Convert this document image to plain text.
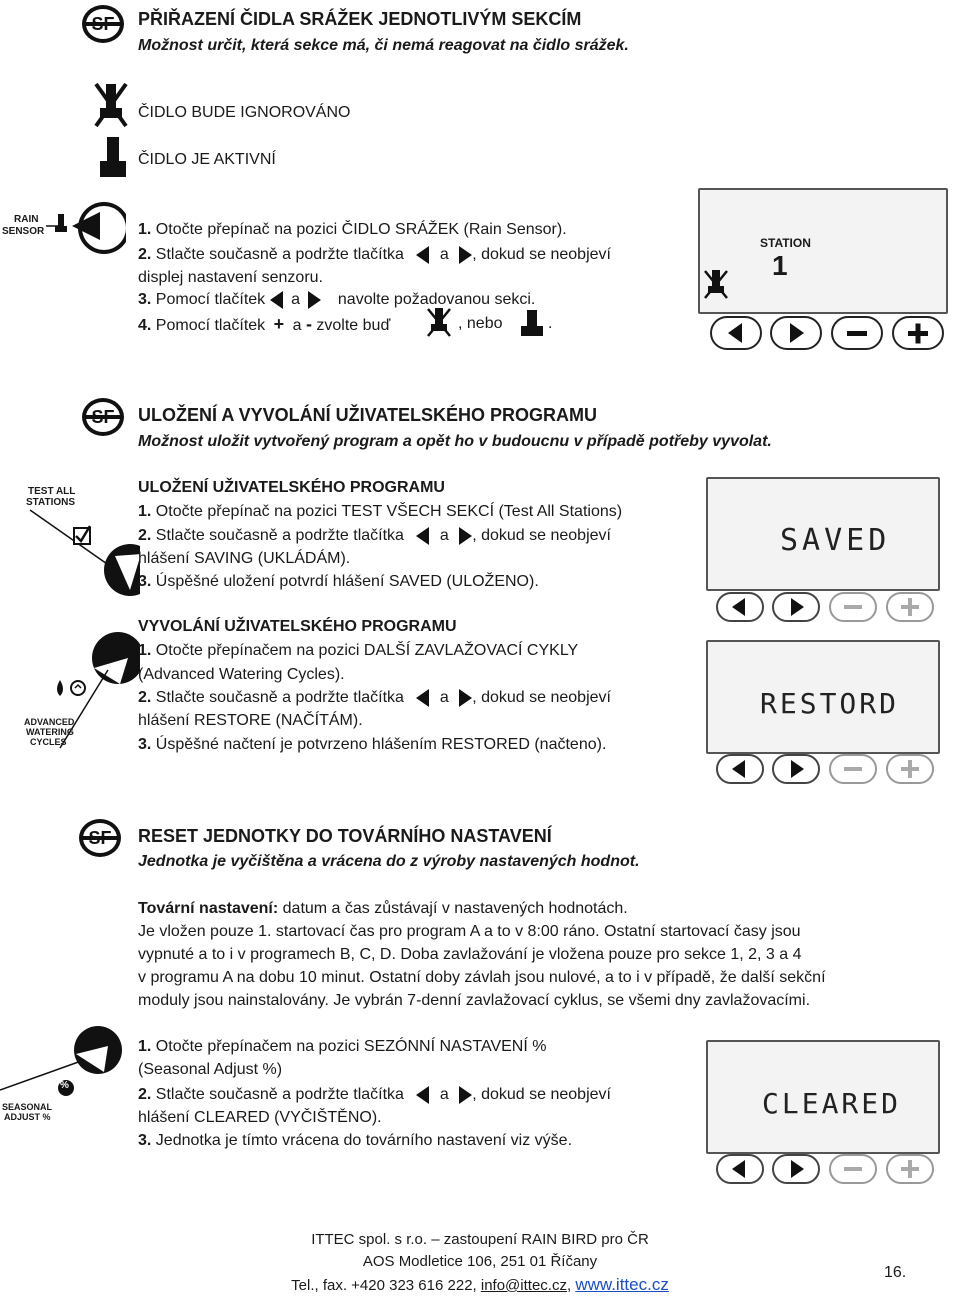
SF PŘIŘAZENÍ ČIDLA SRÁŽEK JEDNOTLIVÝM SEKCÍM
Možnost určit, která sekce má, či nemá reagovat na čidlo srážek.
ČIDLO BUDE IGNOROVÁNO
ČIDLO JE AKTIVNÍ
RAIN
SENSOR	1. Otočte přepínač na pozici ČIDLO SRÁŽEK (Rain Sensor).
2. Stlačte současně a podržte tlačítka a , dokud se neobjeví
displej nastavení senzoru.
3. Pomocí tlačítek a navolte požadovanou sekci.
4. Pomocí tlačítek + a - zvolte buď	, nebo	.
STATION
1
SF ULOŽENÍ A VYVOLÁNÍ UŽIVATELSKÉHO PROGRAMU
Možnost uložit vytvořený program a opět ho v budoucnu v případě potřeby vyvolat.
ULOŽENÍ UŽIVATELSKÉHO PROGRAMU
TEST ALL
STATIONS
1. Otočte přepínač na pozici TEST VŠECH SEKCÍ (Test All Stations)
2. Stlačte současně a podržte tlačítka a , dokud se neobjeví
hlášení SAVING (UKLÁDÁM).
3. Úspěšné uložení potvrdí hlášení SAVED (ULOŽENO).
SAVED
VYVOLÁNÍ UŽIVATELSKÉHO PROGRAMU
ADVANCED
WATERING
CYCLES
1. Otočte přepínačem na pozici DALŠÍ ZAVLAŽOVACÍ CYKLY
(Advanced Watering Cycles).
2. Stlačte současně a podržte tlačítka a , dokud se neobjeví
hlášení RESTORE (NAČÍTÁM).
3. Úspěšné načtení je potvrzeno hlášením RESTORED (načteno).
RESTORD
SF RESET JEDNOTKY DO TOVÁRNÍHO NASTAVENÍ
Jednotka je vyčištěna a vrácena do z výroby nastavených hodnot.
Tovární nastavení: datum a čas zůstávají v nastavených hodnotách.
Je vložen pouze 1. startovací čas pro program A a to v 8:00 ráno. Ostatní startovací časy jsou
vypnuté a to i v programech B, C, D. Doba zavlažování je vložena pouze pro sekce 1, 2, 3 a 4
v programu A na dobu 10 minut. Ostatní doby závlah jsou nulové, a to i v případě, že další sekční
moduly jsou nainstalovány. Je vybrán 7-denní zavlažovací cyklus, se všemi dny zavlažovacími.
1. Otočte přepínačem na pozici SEZÓNNÍ NASTAVENÍ %
(Seasonal Adjust %)
2. Stlačte současně a podržte tlačítka a , dokud se neobjeví
hlášení CLEARED (VYČIŠTĚNO).
3. Jednotka je tímto vrácena do továrního nastavení viz výše.
%
SEASONAL
ADJUST %	CLEARED
ITTEC spol. s r.o. – zastoupení RAIN BIRD pro ČR
AOS Modletice 106, 251 01 Říčany
Tel., fax. +420 323 616 222, info@ittec.cz, www.ittec.cz
16.
